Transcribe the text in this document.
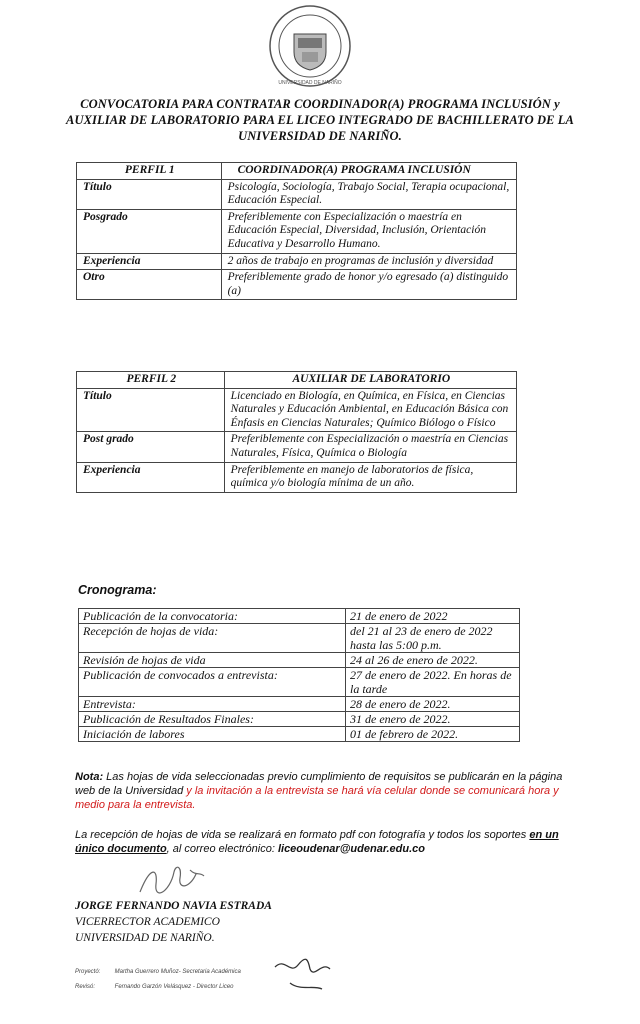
UNIVERSIDAD DE NARIÑO
CONVOCATORIA PARA CONTRATAR COORDINADOR(A) PROGRAMA INCLUSIÓN y AUXILIAR DE LABORATORIO PARA EL LICEO INTEGRADO DE BACHILLERATO DE LA UNIVERSIDAD DE NARIÑO.
PERFIL 1	COORDINADOR(A) PROGRAMA INCLUSIÓN
Título	Psicología, Sociología, Trabajo Social, Terapia ocupacional, Educación Especial.
Posgrado	Preferiblemente con Especialización o maestría en Educación Especial, Diversidad, Inclusión, Orientación Educativa y Desarrollo Humano.
Experiencia	2 años de trabajo en programas de inclusión y diversidad
Otro	Preferiblemente grado de honor y/o egresado (a) distinguido (a)
PERFIL 2	AUXILIAR DE LABORATORIO
Título	Licenciado en Biología, en Química, en Física, en Ciencias Naturales y Educación Ambiental, en Educación Básica con Énfasis en Ciencias Naturales; Químico Biólogo o Físico
Post grado	Preferiblemente con Especialización o maestría en Ciencias Naturales, Física, Química o Biología
Experiencia	Preferiblemente en manejo de laboratorios de física, química y/o biología mínima de un año.
Cronograma:
Publicación de la convocatoria:	21 de enero de 2022
Recepción de hojas de vida:	del 21 al 23 de enero de 2022 hasta las 5:00 p.m.
Revisión de hojas de vida	24 al 26 de enero de 2022.
Publicación de convocados a entrevista:	27 de enero de 2022. En horas de la tarde
Entrevista:	28 de enero de 2022.
Publicación de Resultados Finales:	31 de enero de 2022.
Iniciación de labores	01 de febrero de 2022.
Nota: Las hojas de vida seleccionadas previo cumplimiento de requisitos se publicarán en la página web de la Universidad y la invitación a la entrevista se hará vía celular donde se comunicará hora y medio para la entrevista.
La recepción de hojas de vida se realizará en formato pdf con fotografía y todos los soportes en un único documento, al correo electrónico: liceoudenar@udenar.edu.co
JORGE FERNANDO NAVIA ESTRADA
VICERRECTOR ACADEMICO
UNIVERSIDAD DE NARIÑO.
Proyectó: Martha Guerrero Muñoz- Secretaria Académica
Revisó:	Fernando Garzón Velásquez - Director Liceo
